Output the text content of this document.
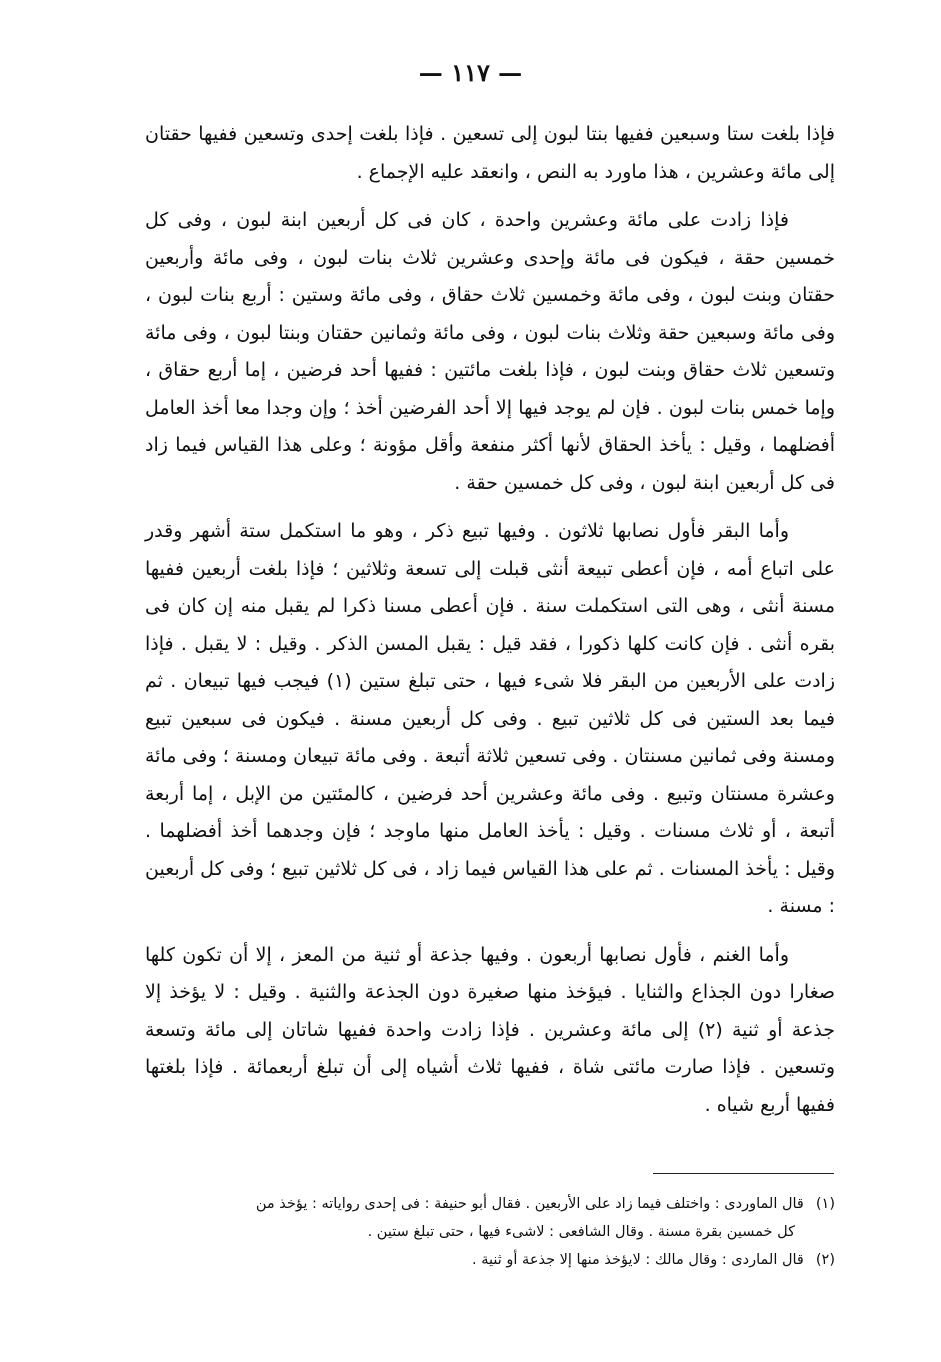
— ١١٧ —

فإذا بلغت ستا وسبعين ففيها بنتا لبون إلى تسعين . فإذا بلغت إحدى وتسعين ففيها حقتان إلى مائة وعشرين ، هذا ماورد به النص ، وانعقد عليه الإجماع .

فإذا زادت على مائة وعشرين واحدة ، كان فى كل أربعين ابنة لبون ، وفى كل خمسين حقة ، فيكون فى مائة وإحدى وعشرين ثلاث بنات لبون ، وفى مائة وأربعين حقتان وبنت لبون ، وفى مائة وخمسين ثلاث حقاق ، وفى مائة وستين : أربع بنات لبون ، وفى مائة وسبعين حقة وثلاث بنات لبون ، وفى مائة وثمانين حقتان وبنتا لبون ، وفى مائة وتسعين ثلاث حقاق وبنت لبون ، فإذا بلغت مائتين : ففيها أحد فرضين ، إما أربع حقاق ، وإما خمس بنات لبون . فإن لم يوجد فيها إلا أحد الفرضين أخذ ؛ وإن وجدا معا أخذ العامل أفضلهما ، وقيل : يأخذ الحقاق لأنها أكثر منفعة وأقل مؤونة ؛ وعلى هذا القياس فيما زاد فى كل أربعين ابنة لبون ، وفى كل خمسين حقة .

وأما البقر فأول نصابها ثلاثون . وفيها تبيع ذكر ، وهو ما استكمل ستة أشهر وقدر على اتباع أمه ، فإن أعطى تبيعة أنثى قبلت إلى تسعة وثلاثين ؛ فإذا بلغت أربعين ففيها مسنة أنثى ، وهى التى استكملت سنة . فإن أعطى مسنا ذكرا لم يقبل منه إن كان فى بقره أنثى . فإن كانت كلها ذكورا ، فقد قيل : يقبل المسن الذكر . وقيل : لا يقبل . فإذا زادت على الأربعين من البقر فلا شىء فيها ، حتى تبلغ ستين (١) فيجب فيها تبيعان . ثم فيما بعد الستين فى كل ثلاثين تبيع . وفى كل أربعين مسنة . فيكون فى سبعين تبيع ومسنة وفى ثمانين مسنتان . وفى تسعين ثلاثة أتبعة . وفى مائة تبيعان ومسنة ؛ وفى مائة وعشرة مسنتان وتبيع . وفى مائة وعشرين أحد فرضين ، كالمئتين من الإبل ، إما أربعة أتبعة ، أو ثلاث مسنات . وقيل : يأخذ العامل منها ماوجد ؛ فإن وجدهما أخذ أفضلهما . وقيل : يأخذ المسنات . ثم على هذا القياس فيما زاد ، فى كل ثلاثين تبيع ؛ وفى كل أربعين : مسنة .

وأما الغنم ، فأول نصابها أربعون . وفيها جذعة أو ثنية من المعز ، إلا أن تكون كلها صغارا دون الجذاع والثنايا . فيؤخذ منها صغيرة دون الجذعة والثنية . وقيل : لا يؤخذ إلا جذعة أو ثنية (٢) إلى مائة وعشرين . فإذا زادت واحدة ففيها شاتان إلى مائة وتسعة وتسعين . فإذا صارت مائتى شاة ، ففيها ثلاث أشياه إلى أن تبلغ أربعمائة . فإذا بلغتها ففيها أربع شياه .

(١)قال الماوردى : واختلف فيما زاد على الأربعين . فقال أبو حنيفة : فى إحدى رواياته : يؤخذ من

كل خمسين بقرة مسنة . وقال الشافعى : لاشىء فيها ، حتى تبلغ ستين .

(٢)قال الماردى : وقال مالك : لايؤخذ منها إلا جذعة أو ثنية .
